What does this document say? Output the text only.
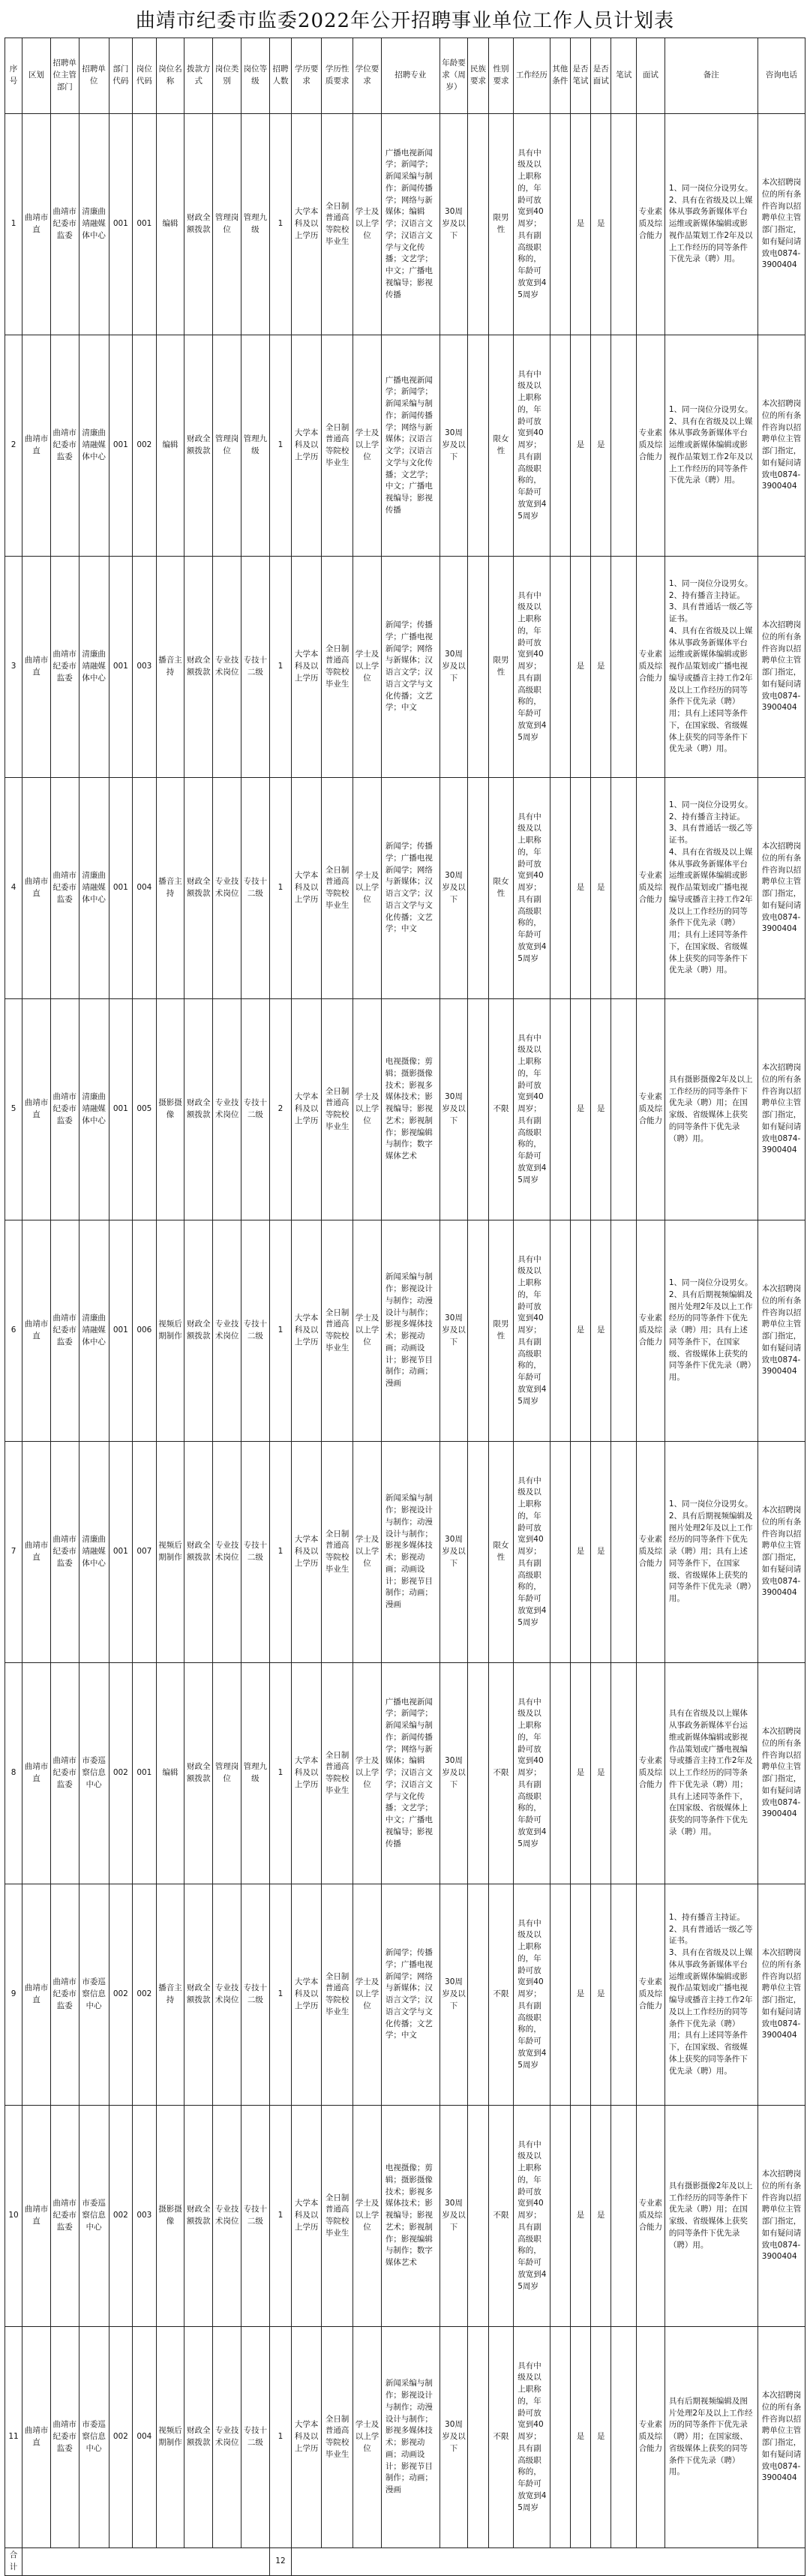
曲靖市纪委市监委2022年公开招聘事业单位工作人员计划表
序号	区划	招聘单位主管部门	招聘单位	部门代码	岗位代码	岗位名称	拨款方式	岗位类别	岗位等级	招聘人数	学历要求	学历性质要求	学位要求	招聘专业	年龄要求（周岁）	民族要求	性别要求	工作经历	其他条件	是否笔试	是否面试	笔试	面试	备注	咨询电话
1	曲靖市直	曲靖市纪委市监委	清廉曲靖融媒体中心	001	001	编辑	财政全额拨款	管理岗位	管理九级	1	大学本科及以上学历	全日制普通高等院校毕业生	学士及以上学位	广播电视新闻学；新闻学；新闻采编与制作；新闻传播学；网络与新媒体；编辑学；汉语言文学；汉语言文学与文化传播；文艺学；中文；广播电视编导；影视传播	30周岁及以下		限男性	具有中级及以上职称的，年龄可放宽到40周岁；具有副高级职称的，年龄可放宽到45周岁		是	是		专业素质及综合能力	1、同一岗位分设男女。
2、具有在省级及以上媒体从事政务新媒体平台运维或新媒体编辑或影视作品策划工作2年及以上工作经历的同等条件下优先录（聘）用。	本次招聘岗位的所有条件咨询以招聘单位主管部门指定，如有疑问请致电0874-3900404
2	曲靖市直	曲靖市纪委市监委	清廉曲靖融媒体中心	001	002	编辑	财政全额拨款	管理岗位	管理九级	1	大学本科及以上学历	全日制普通高等院校毕业生	学士及以上学位	广播电视新闻学；新闻学；新闻采编与制作；新闻传播学；网络与新媒体；汉语言文学；汉语言文学与文化传播；文艺学；中文；广播电视编导；影视传播	30周岁及以下		限女性	具有中级及以上职称的，年龄可放宽到40周岁；具有副高级职称的，年龄可放宽到45周岁		是	是		专业素质及综合能力	1、同一岗位分设男女。
2、具有在省级及以上媒体从事政务新媒体平台运维或新媒体编辑或影视作品策划工作2年及以上工作经历的同等条件下优先录（聘）用。	本次招聘岗位的所有条件咨询以招聘单位主管部门指定，如有疑问请致电0874-3900404
3	曲靖市直	曲靖市纪委市监委	清廉曲靖融媒体中心	001	003	播音主持	财政全额拨款	专业技术岗位	专技十二级	1	大学本科及以上学历	全日制普通高等院校毕业生	学士及以上学位	新闻学；传播学；广播电视新闻学；网络与新媒体；汉语言文学；汉语言文学与文化传播；文艺学；中文	30周岁及以下		限男性	具有中级及以上职称的，年龄可放宽到40周岁；具有副高级职称的，年龄可放宽到45周岁		是	是		专业素质及综合能力	1、同一岗位分设男女。
2、持有播音主持证。
3、具有普通话一级乙等证书。
4、具有在省级及以上媒体从事政务新媒体平台运维或新媒体编辑或影视作品策划或广播电视编导或播音主持工作2年及以上工作经历的同等条件下优先录（聘）用；具有上述同等条件下，在国家级、省级媒体上获奖的同等条件下优先录（聘）用。	本次招聘岗位的所有条件咨询以招聘单位主管部门指定，如有疑问请致电0874-3900404
4	曲靖市直	曲靖市纪委市监委	清廉曲靖融媒体中心	001	004	播音主持	财政全额拨款	专业技术岗位	专技十二级	1	大学本科及以上学历	全日制普通高等院校毕业生	学士及以上学位	新闻学；传播学；广播电视新闻学；网络与新媒体；汉语言文学；汉语言文学与文化传播；文艺学；中文	30周岁及以下		限女性	具有中级及以上职称的，年龄可放宽到40周岁；具有副高级职称的，年龄可放宽到45周岁		是	是		专业素质及综合能力	1、同一岗位分设男女。
2、持有播音主持证。
3、具有普通话一级乙等证书。
4、具有在省级及以上媒体从事政务新媒体平台运维或新媒体编辑或影视作品策划或广播电视编导或播音主持工作2年及以上工作经历的同等条件下优先录（聘）用；具有上述同等条件下，在国家级、省级媒体上获奖的同等条件下优先录（聘）用。	本次招聘岗位的所有条件咨询以招聘单位主管部门指定，如有疑问请致电0874-3900404
5	曲靖市直	曲靖市纪委市监委	清廉曲靖融媒体中心	001	005	摄影摄像	财政全额拨款	专业技术岗位	专技十二级	2	大学本科及以上学历	全日制普通高等院校毕业生	学士及以上学位	电视摄像；剪辑；摄影摄像技术；影视多媒体技术；影视编导；影视艺术；影视制作；影视编辑与制作；数字媒体艺术	30周岁及以下		不限	具有中级及以上职称的，年龄可放宽到40周岁；具有副高级职称的，年龄可放宽到45周岁		是	是		专业素质及综合能力	具有摄影摄像2年及以上工作经历的同等条件下优先录（聘）用；在国家级、省级媒体上获奖的同等条件下优先录（聘）用。	本次招聘岗位的所有条件咨询以招聘单位主管部门指定，如有疑问请致电0874-3900404
6	曲靖市直	曲靖市纪委市监委	清廉曲靖融媒体中心	001	006	视频后期制作	财政全额拨款	专业技术岗位	专技十二级	1	大学本科及以上学历	全日制普通高等院校毕业生	学士及以上学位	新闻采编与制作；影视设计与制作；动漫设计与制作；影视多媒体技术；影视动画；动画设计；影视节目制作；动画；漫画	30周岁及以下		限男性	具有中级及以上职称的，年龄可放宽到40周岁；具有副高级职称的，年龄可放宽到45周岁		是	是		专业素质及综合能力	1、同一岗位分设男女。
2、具有后期视频编辑及图片处理2年及以上工作经历的同等条件下优先录（聘）用；具有上述同等条件下，在国家级、省级媒体上获奖的同等条件下优先录（聘）用。	本次招聘岗位的所有条件咨询以招聘单位主管部门指定，如有疑问请致电0874-3900404
7	曲靖市直	曲靖市纪委市监委	清廉曲靖融媒体中心	001	007	视频后期制作	财政全额拨款	专业技术岗位	专技十二级	1	大学本科及以上学历	全日制普通高等院校毕业生	学士及以上学位	新闻采编与制作；影视设计与制作；动漫设计与制作；影视多媒体技术；影视动画；动画设计；影视节目制作；动画；漫画	30周岁及以下		限女性	具有中级及以上职称的，年龄可放宽到40周岁；具有副高级职称的，年龄可放宽到45周岁		是	是		专业素质及综合能力	1、同一岗位分设男女。
2、具有后期视频编辑及图片处理2年及以上工作经历的同等条件下优先录（聘）用；具有上述同等条件下，在国家级、省级媒体上获奖的同等条件下优先录（聘）用。	本次招聘岗位的所有条件咨询以招聘单位主管部门指定，如有疑问请致电0874-3900404
8	曲靖市直	曲靖市纪委市监委	市委巡察信息中心	002	001	编辑	财政全额拨款	管理岗位	管理九级	1	大学本科及以上学历	全日制普通高等院校毕业生	学士及以上学位	广播电视新闻学；新闻学；新闻采编与制作；新闻传播学；网络与新媒体；编辑学；汉语言文学；汉语言文学与文化传播；文艺学；中文；广播电视编导；影视传播	30周岁及以下		不限	具有中级及以上职称的，年龄可放宽到40周岁；具有副高级职称的，年龄可放宽到45周岁		是	是		专业素质及综合能力	具有在省级及以上媒体从事政务新媒体平台运维或新媒体编辑或影视作品策划或广播电视编导或播音主持工作2年及以上工作经历的同等条件下优先录（聘）用；具有上述同等条件下，在国家级、省级媒体上获奖的同等条件下优先录（聘）用。	本次招聘岗位的所有条件咨询以招聘单位主管部门指定，如有疑问请致电0874-3900404
9	曲靖市直	曲靖市纪委市监委	市委巡察信息中心	002	002	播音主持	财政全额拨款	专业技术岗位	专技十二级	1	大学本科及以上学历	全日制普通高等院校毕业生	学士及以上学位	新闻学；传播学；广播电视新闻学；网络与新媒体；汉语言文学；汉语言文学与文化传播；文艺学；中文	30周岁及以下		不限	具有中级及以上职称的，年龄可放宽到40周岁；具有副高级职称的，年龄可放宽到45周岁		是	是		专业素质及综合能力	1、持有播音主持证。
2、具有普通话一级乙等证书。
3、具有在省级及以上媒体从事政务新媒体平台运维或新媒体编辑或影视作品策划或广播电视编导或播音主持工作2年及以上工作经历的同等条件下优先录（聘）用；具有上述同等条件下，在国家级、省级媒体上获奖的同等条件下优先录（聘）用。	本次招聘岗位的所有条件咨询以招聘单位主管部门指定，如有疑问请致电0874-3900404
10	曲靖市直	曲靖市纪委市监委	市委巡察信息中心	002	003	摄影摄像	财政全额拨款	专业技术岗位	专技十二级	1	大学本科及以上学历	全日制普通高等院校毕业生	学士及以上学位	电视摄像；剪辑；摄影摄像技术；影视多媒体技术；影视编导；影视艺术；影视制作；影视编辑与制作；数字媒体艺术	30周岁及以下		不限	具有中级及以上职称的，年龄可放宽到40周岁；具有副高级职称的，年龄可放宽到45周岁		是	是		专业素质及综合能力	具有摄影摄像2年及以上工作经历的同等条件下优先录（聘）用；在国家级、省级媒体上获奖的同等条件下优先录（聘）用。	本次招聘岗位的所有条件咨询以招聘单位主管部门指定，如有疑问请致电0874-3900404
11	曲靖市直	曲靖市纪委市监委	市委巡察信息中心	002	004	视频后期制作	财政全额拨款	专业技术岗位	专技十二级	1	大学本科及以上学历	全日制普通高等院校毕业生	学士及以上学位	新闻采编与制作；影视设计与制作；动漫设计与制作；影视多媒体技术；影视动画；动画设计；影视节目制作；动画；漫画	30周岁及以下		不限	具有中级及以上职称的，年龄可放宽到40周岁；具有副高级职称的，年龄可放宽到45周岁		是	是		专业素质及综合能力	具有后期视频编辑及图片处理2年及以上工作经历的同等条件下优先录（聘）用；在国家级、省级媒体上获奖的同等条件下优先录（聘）用。	本次招聘岗位的所有条件咨询以招聘单位主管部门指定，如有疑问请致电0874-3900404
合计										12															
